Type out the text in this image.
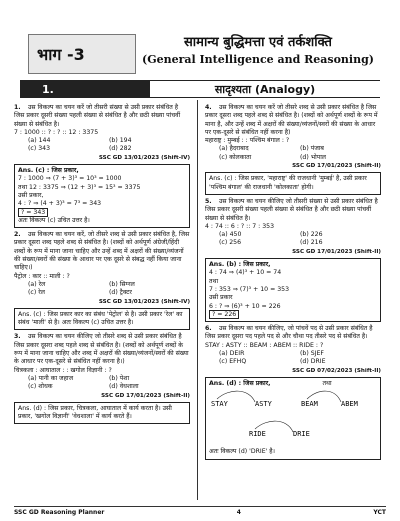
भाग -3
सामान्य बुद्धिमत्ता एवं तर्कशक्ति
(General Intelligence and Reasoning)
1.	सादृश्यता (Analogy)
1. उस विकल्प का चयन करें जो तीसरी संख्या से उसी प्रकार संबंधित है जिस प्रकार दूसरी संख्या पहली संख्या से संबंधित है और छठी संख्या पांचवीं संख्या से संबंधित है।
7 : 1000 :: ? : ? :: 12 : 3375
(a) 144	(b) 194
(c) 343	(d) 282
SSC GD 13/01/2023 (Shift-IV)
Ans. (c) : जिस प्रकार,
7 : 1000 ⇒ (7 + 3)³ = 10³ = 1000
तथा 12 : 3375 ⇒ (12 + 3)³ = 15³ = 3375
उसी प्रकार,
4 : ? ⇒ (4 + 3)³ = 7³ = 343
? = 343
अतः विकल्प (c) उचित उत्तर है।
2. उस विकल्प का चयन करें, जो तीसरे शब्द से उसी प्रकार संबंधित है, जिस प्रकार दूसरा शब्द पहले शब्द से संबंधित है। (शब्दों को अर्थपूर्ण अंग्रेजी/हिंदी शब्दों के रूप में माना जाना चाहिए और उन्हें शब्द में अक्षरों की संख्या/व्यंजनों की संख्या/स्वरों की संख्या के आधार पर एक दूसरे से संबद्ध नहीं किया जाना चाहिए।)
पैट्रोल : कार :: माली : ?
(a) रेल	(b) सिग्नल
(c) रेल	(d) ट्रैक्टर
SSC GD 13/01/2023 (Shift-IV)
Ans. (c) : जिस प्रकार कार का संबंध 'पेट्रोल' से है। उसी प्रकार 'रेल' का संबंध 'माली' से है। अतः विकल्प (c) उचित उत्तर है।
3. उस विकल्प का चयन कीजिए जो तीसरे शब्द से उसी प्रकार संबंधित है जिस प्रकार दूसरा शब्द पहले शब्द से संबंधित है। (शब्दों को अर्थपूर्ण शब्दों के रूप में माना जाना चाहिए और शब्द में अक्षरों की संख्या/व्यंजनों/स्वरों की संख्या के आधार पर एक-दूसरे से संबंधित नहीं करना है।)
चित्रकला : आघाताल : : खगोल विज्ञानी : ?
(a) पानी का जहाज	(b) पेशा
(c) शोधक	(d) वेधशाला
SSC GD 17/01/2023 (Shift-II)
Ans. (d) : जिस प्रकार, चित्रकला, आघाताल में कार्य करता है। उसी प्रकार, 'खगोल विज्ञानी' 'वेधशाला' में कार्य करते हैं।
4. उस विकल्प का चयन करें जो तीसरे शब्द से उसी प्रकार संबंधित है जिस प्रकार दूसरा शब्द पहले शब्द से संबंधित है। (शब्दों को अर्थपूर्ण शब्दों के रूप में माना है, और उन्हें शब्द में अक्षरों की संख्या/व्यंजनों/स्वरों की संख्या के आधार पर एक-दूसरे से संबंधित नहीं करना है)
महाराष्ट्र : मुम्बई : : पश्चिम बंगाल : ?
(a) हैदराबाद	(b) पंजाब
(c) कोलकाता	(d) भोपाल
SSC GD 17/01/2023 (Shift-II)
Ans. (c) : जिस प्रकार, 'महाराष्ट्र' की राजधानी 'मुम्बई' है, उसी प्रकार 'पश्चिम बंगाल' की राजधानी 'कोलकाता' होगी।
5. उस विकल्प का चयन कीजिए जो तीसरी संख्या से उसी प्रकार संबंधित है जिस प्रकार दूसरी संख्या पहली संख्या से संबंधित है और छठी संख्या पांचवीं संख्या से संबंधित है।
4 : 74 :: 6 : ? :: 7 : 353
(a) 450	(b) 226
(c) 256	(d) 216
SSC GD 17/01/2023 (Shift-II)
Ans. (b) : जिस प्रकार,
4 : 74 ⇒ (4)³ + 10 = 74
तथा
7 : 353 ⇒ (7)³ + 10 = 353
उसी प्रकार
6 : ? ⇒ (6)³ + 10 = 226
? = 226
6. उस विकल्प का चयन कीजिए, जो पांचवें पद से उसी प्रकार संबंधित है जिस प्रकार दूसरा पद पहले पद से और चौथा पद तीसरे पद से संबंधित है।
STAY : ASTY :: BEAM : ABEM :: RIDE : ?
(a) DEIR	(b) SJEF
(c) EFHQ	(d) DRIE
SSC GD 07/02/2023 (Shift-II)
Ans. (d) : जिस प्रकार,	तथा
STAY	ASTY	BEAM	ABEM
RIDE	DRIE
अतः विकल्प (d) 'DRIE' है।
SSC GD Reasoning Planner	4	YCT
